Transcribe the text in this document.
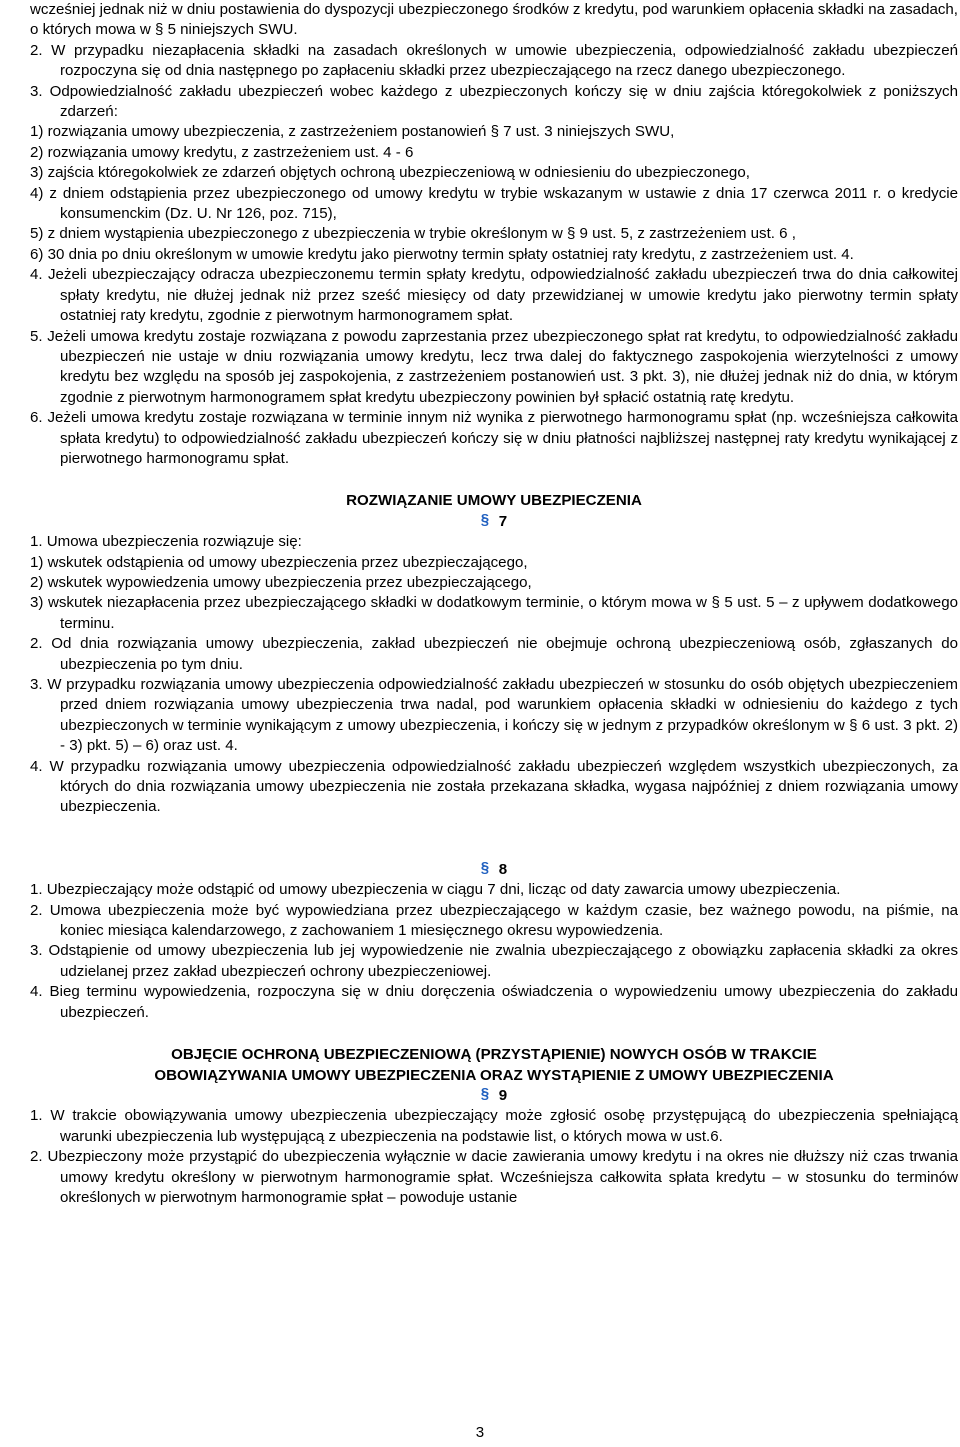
wcześniej jednak niż w dniu postawienia do dyspozycji ubezpieczonego środków z kredytu, pod warunkiem opłacenia składki na zasadach, o których mowa w § 5 niniejszych SWU.

2. W przypadku niezapłacenia składki na zasadach określonych w umowie ubezpieczenia, odpowiedzialność zakładu ubezpieczeń rozpoczyna się od dnia następnego po zapłaceniu składki przez ubezpieczającego na rzecz danego ubezpieczonego.

3. Odpowiedzialność zakładu ubezpieczeń wobec każdego z ubezpieczonych kończy się w dniu zajścia któregokolwiek z poniższych zdarzeń:

1) rozwiązania umowy ubezpieczenia, z zastrzeżeniem postanowień § 7 ust. 3 niniejszych SWU,

2) rozwiązania umowy kredytu, z zastrzeżeniem ust. 4 - 6

3) zajścia któregokolwiek ze zdarzeń objętych ochroną ubezpieczeniową w odniesieniu do ubezpieczonego,

4) z dniem odstąpienia przez ubezpieczonego od umowy kredytu w trybie wskazanym w ustawie z dnia 17 czerwca 2011 r. o kredycie konsumenckim (Dz. U. Nr 126, poz. 715),

5) z dniem wystąpienia ubezpieczonego z ubezpieczenia w trybie określonym w § 9 ust. 5, z zastrzeżeniem ust. 6 ,

6) 30 dnia po dniu określonym w umowie kredytu jako pierwotny termin spłaty ostatniej raty kredytu, z zastrzeżeniem ust. 4.

4. Jeżeli ubezpieczający odracza ubezpieczonemu termin spłaty kredytu, odpowiedzialność zakładu ubezpieczeń trwa do dnia całkowitej spłaty kredytu, nie dłużej jednak niż przez sześć miesięcy od daty przewidzianej w umowie kredytu jako pierwotny termin spłaty ostatniej raty kredytu, zgodnie z pierwotnym harmonogramem spłat.

5. Jeżeli umowa kredytu zostaje rozwiązana z powodu zaprzestania przez ubezpieczonego spłat rat kredytu, to odpowiedzialność zakładu ubezpieczeń nie ustaje w dniu rozwiązania umowy kredytu, lecz trwa dalej do faktycznego zaspokojenia wierzytelności z umowy kredytu bez względu na sposób jej zaspokojenia, z zastrzeżeniem postanowień ust. 3 pkt. 3), nie dłużej jednak niż do dnia, w którym zgodnie z pierwotnym harmonogramem spłat kredytu ubezpieczony powinien był spłacić ostatnią ratę kredytu.

6. Jeżeli umowa kredytu zostaje rozwiązana w terminie innym niż wynika z pierwotnego harmonogramu spłat (np. wcześniejsza całkowita spłata kredytu) to odpowiedzialność zakładu ubezpieczeń kończy się w dniu płatności najbliższej następnej raty kredytu wynikającej z pierwotnego harmonogramu spłat.

ROZWIĄZANIE UMOWY UBEZPIECZENIA

§7

1. Umowa ubezpieczenia rozwiązuje się:

1) wskutek odstąpienia od umowy ubezpieczenia przez ubezpieczającego,

2) wskutek wypowiedzenia umowy ubezpieczenia przez ubezpieczającego,

3) wskutek niezapłacenia przez ubezpieczającego składki w dodatkowym terminie, o którym mowa w § 5 ust. 5 – z upływem dodatkowego terminu.

2. Od dnia rozwiązania umowy ubezpieczenia, zakład ubezpieczeń nie obejmuje ochroną ubezpieczeniową osób, zgłaszanych do ubezpieczenia po tym dniu.

3. W przypadku rozwiązania umowy ubezpieczenia odpowiedzialność zakładu ubezpieczeń w stosunku do osób objętych ubezpieczeniem przed dniem rozwiązania umowy ubezpieczenia trwa nadal, pod warunkiem opłacenia składki w odniesieniu do każdego z tych ubezpieczonych w terminie wynikającym z umowy ubezpieczenia, i kończy się w jednym z przypadków określonym w § 6 ust. 3 pkt. 2) - 3) pkt. 5) – 6) oraz ust. 4.

4. W przypadku rozwiązania umowy ubezpieczenia odpowiedzialność zakładu ubezpieczeń względem wszystkich ubezpieczonych, za których do dnia rozwiązania umowy ubezpieczenia nie została przekazana składka, wygasa najpóźniej z dniem rozwiązania umowy ubezpieczenia.

§8

1. Ubezpieczający może odstąpić od umowy ubezpieczenia w ciągu 7 dni, licząc od daty zawarcia umowy ubezpieczenia.

2. Umowa ubezpieczenia może być wypowiedziana przez ubezpieczającego w każdym czasie, bez ważnego powodu, na piśmie, na koniec miesiąca kalendarzowego, z zachowaniem 1 miesięcznego okresu wypowiedzenia.

3. Odstąpienie od umowy ubezpieczenia lub jej wypowiedzenie nie zwalnia ubezpieczającego z obowiązku zapłacenia składki za okres udzielanej przez zakład ubezpieczeń ochrony ubezpieczeniowej.

4. Bieg terminu wypowiedzenia, rozpoczyna się w dniu doręczenia oświadczenia o wypowiedzeniu umowy ubezpieczenia do zakładu ubezpieczeń.

OBJĘCIE OCHRONĄ UBEZPIECZENIOWĄ (PRZYSTĄPIENIE) NOWYCH OSÓB W TRAKCIE

OBOWIĄZYWANIA UMOWY UBEZPIECZENIA ORAZ WYSTĄPIENIE Z UMOWY UBEZPIECZENIA

§9

1. W trakcie obowiązywania umowy ubezpieczenia ubezpieczający może zgłosić osobę przystępującą do ubezpieczenia spełniającą warunki ubezpieczenia lub występującą z ubezpieczenia na podstawie list, o których mowa w ust.6.

2. Ubezpieczony może przystąpić do ubezpieczenia wyłącznie w dacie zawierania umowy kredytu i na okres nie dłuższy niż czas trwania umowy kredytu określony w pierwotnym harmonogramie spłat. Wcześniejsza całkowita spłata kredytu – w stosunku do terminów określonych w pierwotnym harmonogramie spłat – powoduje ustanie

3
